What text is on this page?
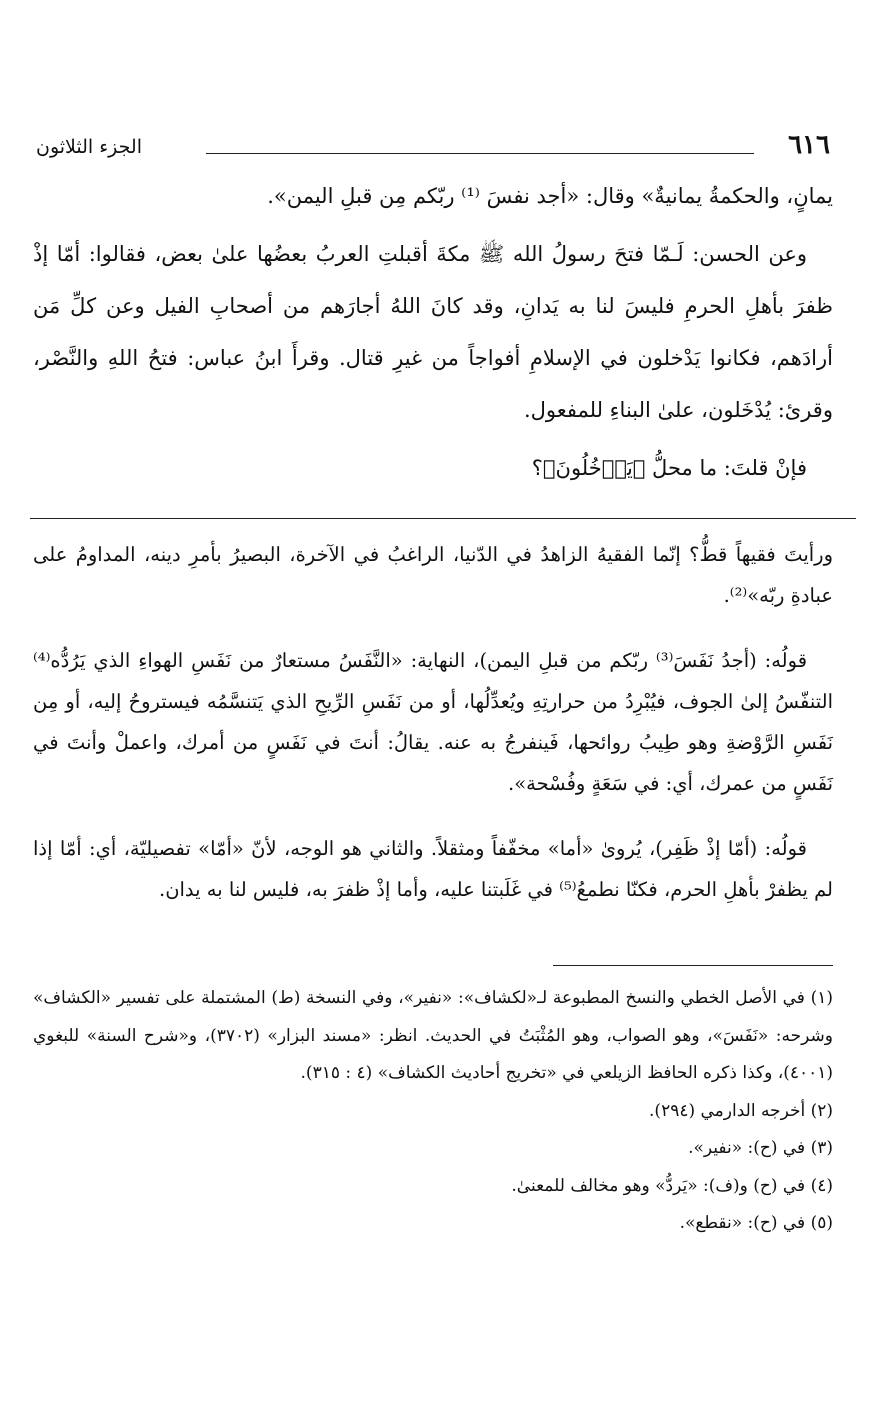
٦١٦
الجزء الثلاثون

يمانٍ، والحكمةُ يمانيةٌ» وقال: «أجد نفسَ ⁽¹⁾ ربّكم مِن قبلِ اليمن».

وعن الحسن: لَـمّا فتحَ رسولُ الله ﷺ مكةَ أقبلتِ العربُ بعضُها علىٰ بعض، فقالوا: أمّا إذْ ظفرَ بأهلِ الحرمِ فليسَ لنا به يَدانِ، وقد كانَ اللهُ أجارَهم من أصحابِ الفيل وعن كلِّ مَن أرادَهم، فكانوا يَدْخلون في الإسلامِ أفواجاً من غيرِ قتال. وقرأَ ابنُ عباس: فتحُ اللهِ والنَّصْر، وقرئ: يُدْخَلون، علىٰ البناءِ للمفعول.

فإنْ قلتَ: ما محلُّ ﴿يَدۡخُلُونَ﴾؟

ورأيتَ فقيهاً قطُّ؟ إنّما الفقيهُ الزاهدُ في الدّنيا، الراغبُ في الآخرة، البصيرُ بأمرِ دينه، المداومُ على عبادةِ ربّه»⁽²⁾.

قولُه: (أجدُ نَفَسَ⁽³⁾ ربّكم من قبلِ اليمن)، النهاية: «النَّفَسُ مستعارٌ من نَفَسِ الهواءِ الذي يَرُدُّه⁽⁴⁾ التنفّسُ إلىٰ الجوف، فيُبْرِدُ من حرارتِهِ ويُعدِّلُها، أو من نَفَسِ الرِّيحِ الذي يَتنسَّمُه فيستروحُ إليه، أو مِن نَفَسِ الرَّوْضةِ وهو طِيبُ روائحها، فَينفرجُ به عنه. يقالُ: أنتَ في نَفَسٍ من أمرك، واعملْ وأنتَ في نَفَسٍ من عمرك، أي: في سَعَةٍ وفُسْحة».

قولُه: (أمّا إذْ ظَفِر)، يُروىٰ «أما» مخفّفاً ومثقلاً. والثاني هو الوجه، لأنّ «أمّا» تفصيليّة، أي: أمّا إذا لم يظفرْ بأهلِ الحرم، فكنّا نطمعُ⁽⁵⁾ في غَلَبتنا عليه، وأما إذْ ظفرَ به، فليس لنا به يدان.

(١) في الأصل الخطي والنسخ المطبوعة لـ«لكشاف»: «نفير»، وفي النسخة (ط) المشتملة على تفسير «الكشاف» وشرحه: «نَفَسَ»، وهو الصواب، وهو المُثْبَتُ في الحديث. انظر: «مسند البزار» (٣٧٠٢)، و«شرح السنة» للبغوي (٤٠٠١)، وكذا ذكره الحافظ الزيلعي في «تخريج أحاديث الكشاف» (٤ : ٣١٥).

(٢) أخرجه الدارمي (٢٩٤).

(٣) في (ح): «نفير».

(٤) في (ح) و(ف): «يَردُّ» وهو مخالف للمعنىٰ.

(٥) في (ح): «نقطع».
